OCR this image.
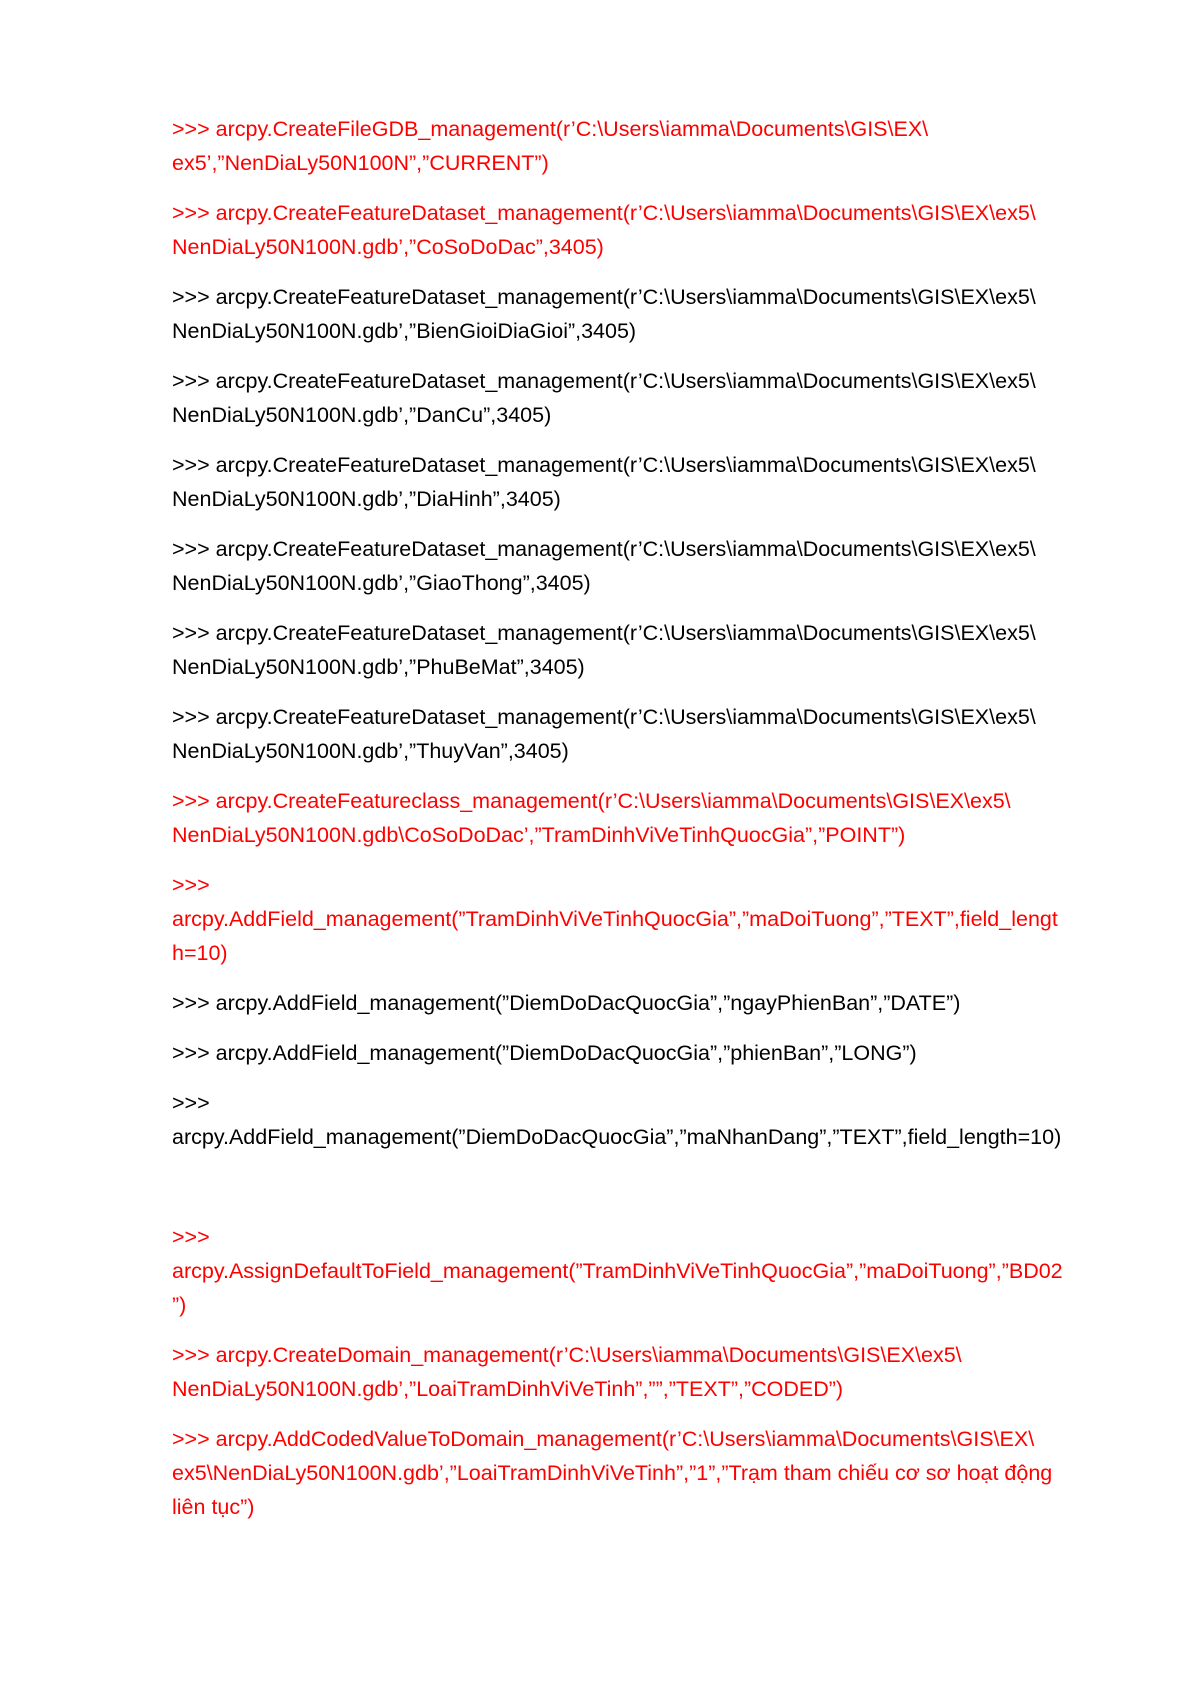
>>> arcpy.CreateFileGDB_management(r’C:\Users\iamma\Documents\GIS\EX\
ex5’,”NenDiaLy50N100N”,”CURRENT”)

>>> arcpy.CreateFeatureDataset_management(r’C:\Users\iamma\Documents\GIS\EX\ex5\
NenDiaLy50N100N.gdb’,”CoSoDoDac”,3405)

>>> arcpy.CreateFeatureDataset_management(r’C:\Users\iamma\Documents\GIS\EX\ex5\
NenDiaLy50N100N.gdb’,”BienGioiDiaGioi”,3405)

>>> arcpy.CreateFeatureDataset_management(r’C:\Users\iamma\Documents\GIS\EX\ex5\
NenDiaLy50N100N.gdb’,”DanCu”,3405)

>>> arcpy.CreateFeatureDataset_management(r’C:\Users\iamma\Documents\GIS\EX\ex5\
NenDiaLy50N100N.gdb’,”DiaHinh”,3405)

>>> arcpy.CreateFeatureDataset_management(r’C:\Users\iamma\Documents\GIS\EX\ex5\
NenDiaLy50N100N.gdb’,”GiaoThong”,3405)

>>> arcpy.CreateFeatureDataset_management(r’C:\Users\iamma\Documents\GIS\EX\ex5\
NenDiaLy50N100N.gdb’,”PhuBeMat”,3405)

>>> arcpy.CreateFeatureDataset_management(r’C:\Users\iamma\Documents\GIS\EX\ex5\
NenDiaLy50N100N.gdb’,”ThuyVan”,3405)

>>> arcpy.CreateFeatureclass_management(r’C:\Users\iamma\Documents\GIS\EX\ex5\
NenDiaLy50N100N.gdb\CoSoDoDac’,”TramDinhViVeTinhQuocGia”,”POINT”)

>>>
arcpy.AddField_management(”TramDinhViVeTinhQuocGia”,”maDoiTuong”,”TEXT”,field_lengt
h=10)

>>> arcpy.AddField_management(”DiemDoDacQuocGia”,”ngayPhienBan”,”DATE”)

>>> arcpy.AddField_management(”DiemDoDacQuocGia”,”phienBan”,”LONG”)

>>>
arcpy.AddField_management(”DiemDoDacQuocGia”,”maNhanDang”,”TEXT”,field_length=10)

>>>
arcpy.AssignDefaultToField_management(”TramDinhViVeTinhQuocGia”,”maDoiTuong”,”BD02
”)

>>> arcpy.CreateDomain_management(r’C:\Users\iamma\Documents\GIS\EX\ex5\
NenDiaLy50N100N.gdb’,”LoaiTramDinhViVeTinh”,””,”TEXT”,”CODED”)

>>> arcpy.AddCodedValueToDomain_management(r’C:\Users\iamma\Documents\GIS\EX\
ex5\NenDiaLy50N100N.gdb’,”LoaiTramDinhViVeTinh”,”1”,”Trạm tham chiếu cơ sơ hoạt động
liên tục”)
